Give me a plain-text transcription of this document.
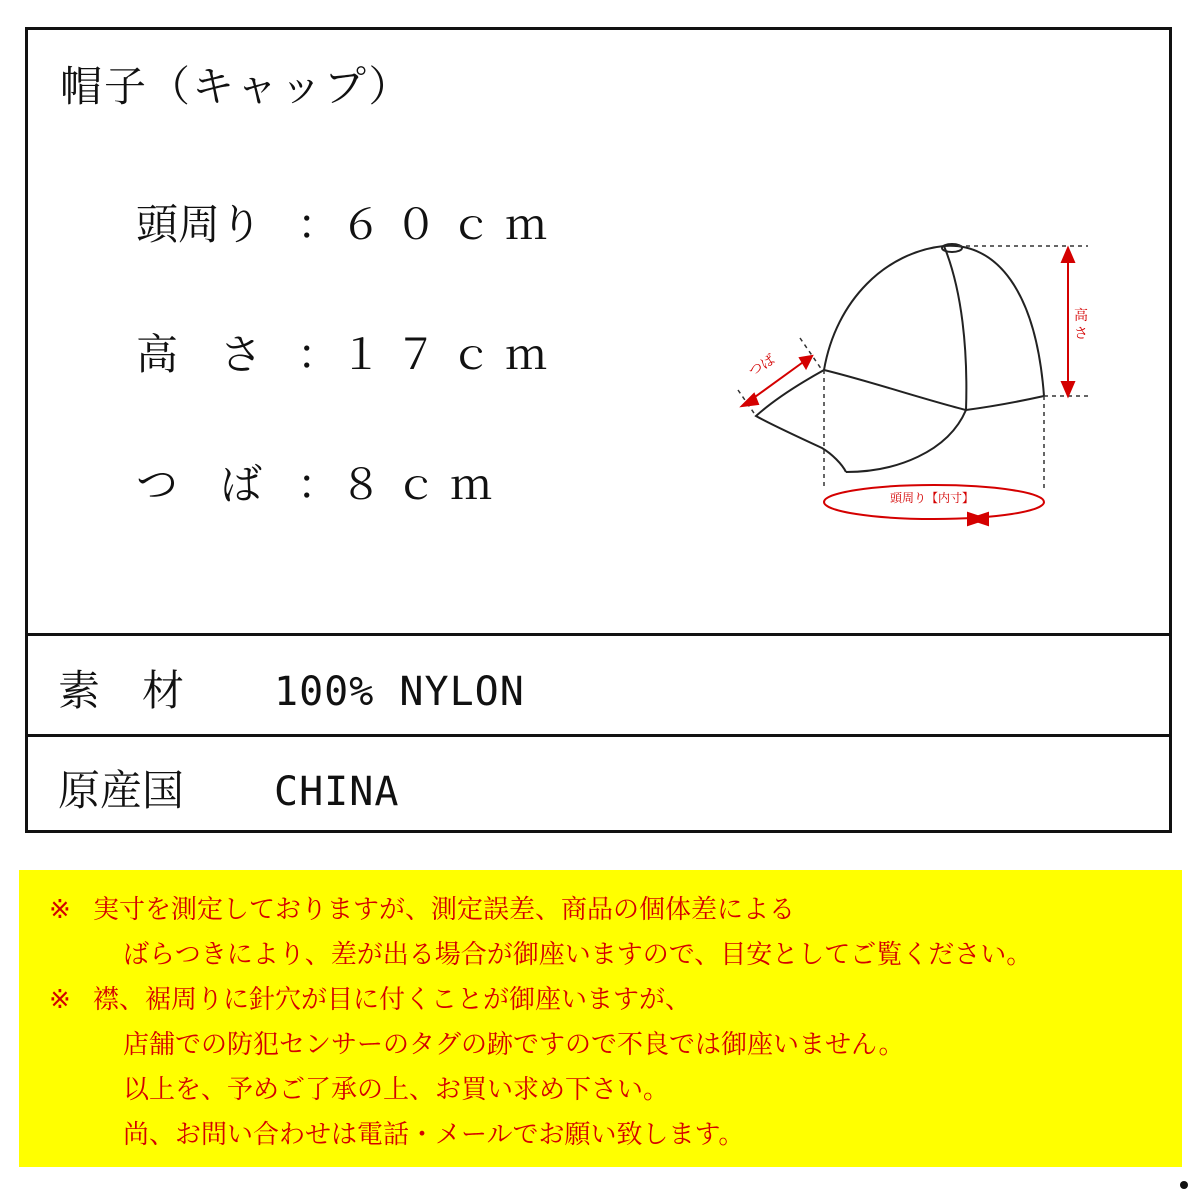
帽子（キャップ）
頭周り ：６０ｃｍ
高　さ ：１７ｃｍ
つ　ば ：８ｃｍ
つば
高
さ
頭周り【内寸】
素　材 100% NYLON
原産国 CHINA
※ 実寸を測定しておりますが、測定誤差、商品の個体差による
ばらつきにより、差が出る場合が御座いますので、目安としてご覧ください。
※ 襟、裾周りに針穴が目に付くことが御座いますが、
店舗での防犯センサーのタグの跡ですので不良では御座いません。
以上を、予めご了承の上、お買い求め下さい。
尚、お問い合わせは電話・メールでお願い致します。
